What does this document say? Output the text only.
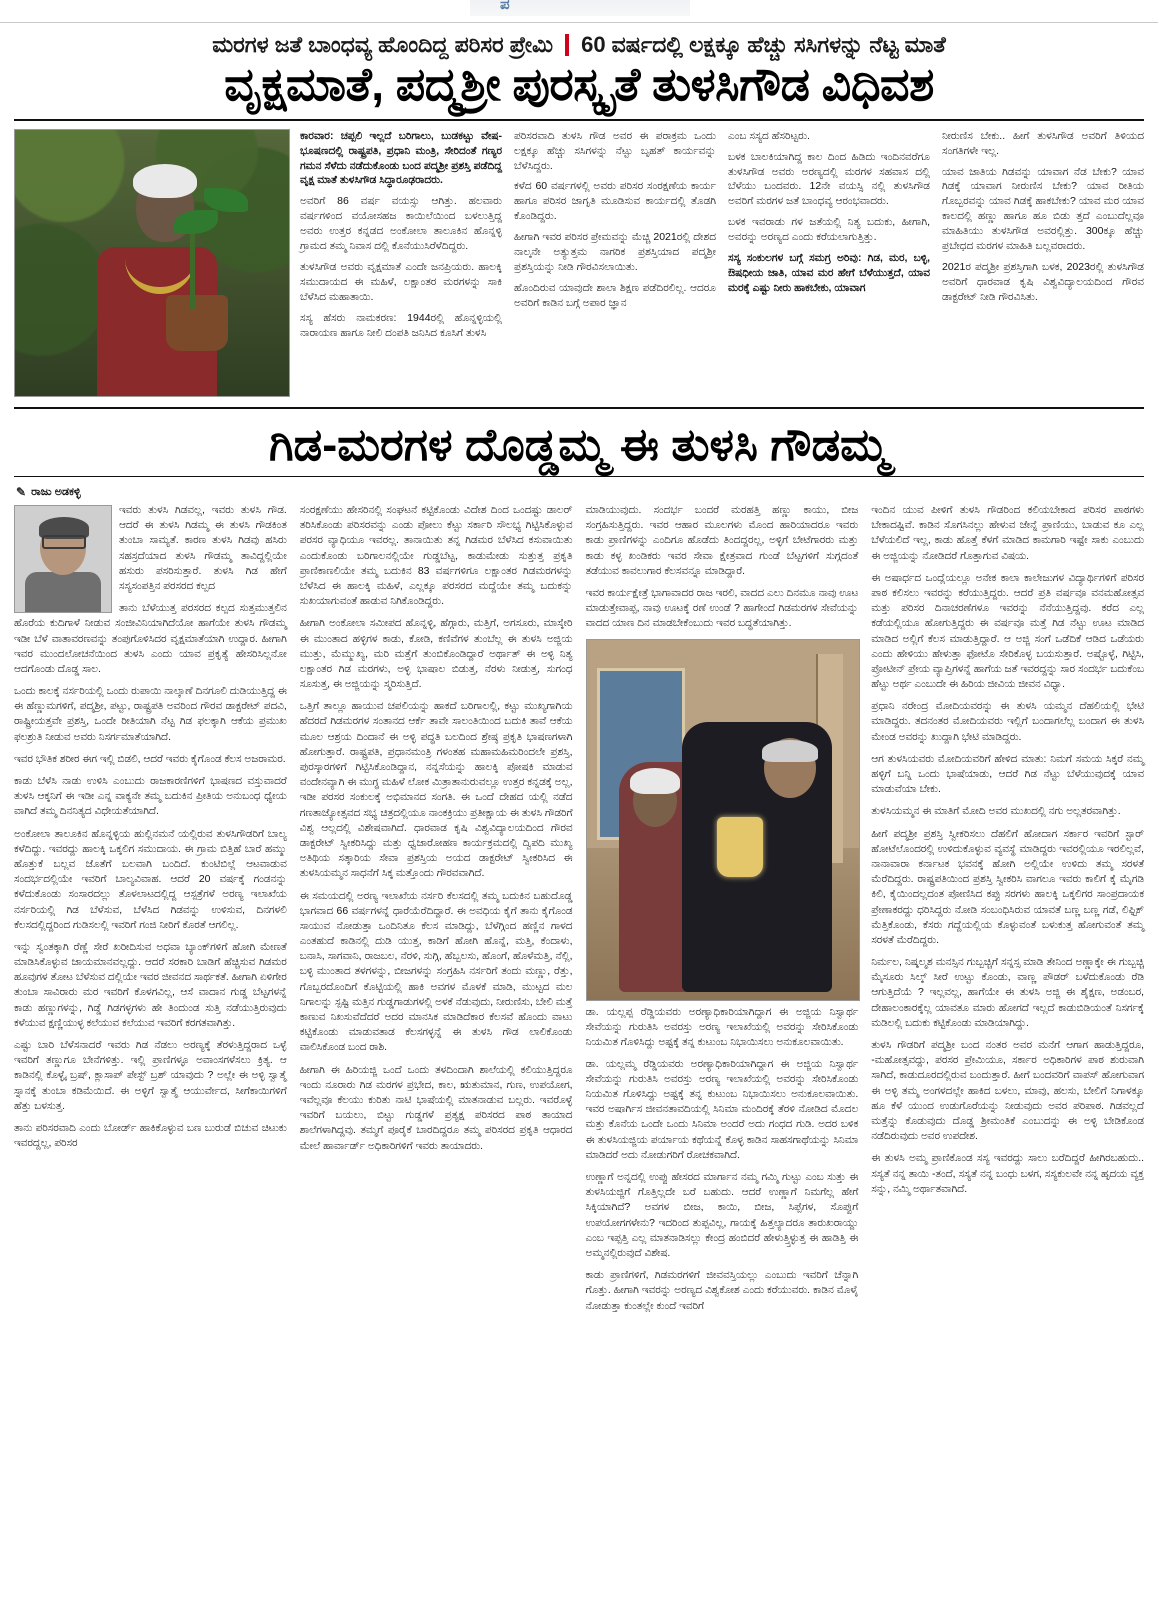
ಪ
ಮರಗಳ ಜತೆ ಬಾಂಧವ್ಯ ಹೊಂದಿದ್ದ ಪರಿಸರ ಪ್ರೇಮಿ 60 ವರ್ಷದಲ್ಲಿ ಲಕ್ಷಕ್ಕೂ ಹೆಚ್ಚು ಸಸಿಗಳನ್ನು ನೆಟ್ಟ ಮಾತೆ
ವೃಕ್ಷಮಾತೆ, ಪದ್ಮಶ್ರೀ ಪುರಸ್ಕೃತೆ ತುಳಸಿಗೌಡ ವಿಧಿವಶ

ಕಾರವಾರ: ಚಪ್ಪಲಿ ಇಲ್ಲದೆ ಬರಿಗಾಲು, ಬುಡಕಟ್ಟು ವೇಷ-ಭೂಷಣದಲ್ಲಿ ರಾಷ್ಟ್ರಪತಿ, ಪ್ರಧಾನಿ ಮಂತ್ರಿ, ಸೇರಿದಂತೆ ಗಣ್ಯರ ಗಮನ ಸೆಳೆದು ನಡೆದುಕೊಂಡು ಬಂದ ಪದ್ಮಶ್ರೀ ಪ್ರಶಸ್ತಿ ಪಡೆದಿದ್ದ ವೃಕ್ಷ ಮಾತೆ ತುಳಸಿಗೌಡ ಸಿದ್ಧಾರೂಢರಾದರು.

ಅವರಿಗೆ 86 ವರ್ಷ ವಯಸ್ಸು ಆಗಿತ್ತು. ಹಲವಾರು ವರ್ಷಗಳಿಂದ ವಯೋಸಹಜ ಕಾಯಿಲೆಯಿಂದ ಬಳಲುತ್ತಿದ್ದ ಅವರು ಉತ್ತರ ಕನ್ನಡದ ಅಂಕೋಲಾ ತಾಲೂಕಿನ ಹೊನ್ನಳ್ಳಿ ಗ್ರಾಮದ ತಮ್ಮ ನಿವಾಸ ದಲ್ಲಿ ಕೊನೆಯುಸಿರೆಳೆದಿದ್ದರು.

ತುಳಸಿಗೌಡ ಅವರು ವೃಕ್ಷಮಾತೆ ಎಂದೇ ಜನಪ್ರಿಯರು. ಹಾಲಕ್ಕಿ ಸಮುದಾಯದ ಈ ಮಹಿಳೆ, ಲಕ್ಷಾಂತರ ಮರಗಳನ್ನು ಸಾಕಿ ಬೆಳೆಸಿದ ಮಹಾತಾಯಿ.

ಸಸ್ಯ ಹೆಸರು ನಾಮಕರಣ: 1944ರಲ್ಲಿ ಹೊನ್ನಳ್ಳಿಯಲ್ಲಿ ನಾರಾಯಣ ಹಾಗೂ ನೀಲಿ ದಂಪತಿ ಜನಿಸಿದ ಕೂಸಿಗೆ ತುಳಸಿ

ಪರಿಸರವಾದಿ ತುಳಸಿ ಗೌಡ ಅವರ ಈ ಪರಾಕ್ರಮ ಒಂದು ಲಕ್ಷಕ್ಕೂ ಹೆಚ್ಚು ಸಸಿಗಳನ್ನು ನೆಟ್ಟು ಬೃಹತ್ ಕಾರ್ಯವನ್ನು ಬೆಳೆಸಿದ್ದರು.

ಕಳೆದ 60 ವರ್ಷಗಳಲ್ಲಿ ಅವರು ಪರಿಸರ ಸಂರಕ್ಷಣೆಯ ಕಾರ್ಯ ಹಾಗೂ ಪರಿಸರ ಜಾಗೃತಿ ಮೂಡಿಸುವ ಕಾರ್ಯದಲ್ಲಿ ತೊಡಗಿ ಕೊಂಡಿದ್ದರು.

ಹೀಗಾಗಿ ಇವರ ಪರಿಸರ ಪ್ರೇಮವನ್ನು ಮೆಚ್ಚಿ 2021ರಲ್ಲಿ ದೇಶದ ನಾಲ್ಕನೇ ಅತ್ಯುತ್ತಮ ನಾಗರಿಕ ಪ್ರಶಸ್ತಿಯಾದ ಪದ್ಮಶ್ರೀ ಪ್ರಶಸ್ತಿಯನ್ನು ನೀಡಿ ಗೌರವಿಸಲಾಯಿತು.

ಹೊಂದಿರುವ ಯಾವುದೇ ಶಾಲಾ ಶಿಕ್ಷಣ ಪಡೆದಿರಲಿಲ್ಲ. ಆದರೂ ಅವರಿಗೆ ಕಾಡಿನ ಬಗ್ಗೆ ಅಪಾರ ಜ್ಞಾನ

ಎಂಬ ಸಸ್ಯದ ಹೆಸರಿಟ್ಟರು.

ಬಳಕ ಬಾಲಕಿಯಾಗಿದ್ದ ಕಾಲ ದಿಂದ ಹಿಡಿದು ಇಂದಿನವರೆಗೂ ತುಳಸಿಗೌಡ ಅವರು ಅರಣ್ಯದಲ್ಲಿ ಮರಗಳ ಸಹವಾಸ ದಲ್ಲಿ ಬೆಳೆಯು ಬಂದವರು. 12ನೇ ವಯಸ್ಸಿ ನಲ್ಲಿ ತುಳಸಿಗೌಡ ಅವರಿಗೆ ಮರಗಳ ಜತೆ ಬಾಂಧವ್ಯ ಆರಂಭವಾದರು.

ಬಳಕ ಇವರಾಡು ಗಳ ಜತೆಯಲ್ಲಿ ನಿತ್ಯ ಬದುಕು, ಹೀಗಾಗಿ, ಅವರನ್ನು ಅರಣ್ಯದ ಎಂದು ಕರೆಯಲಾಗುತ್ತಿತ್ತು.

ಸಸ್ಯ ಸಂಕುಲಗಳ ಬಗ್ಗೆ ಸಮಗ್ರ ಅರಿವು: ಗಿಡ, ಮರ, ಬಳ್ಳಿ, ಔಷಧೀಯ ಜಾತಿ, ಯಾವ ಮರ ಹೇಗೆ ಬೆಳೆಯುತ್ತದೆ, ಯಾವ ಮರಕ್ಕೆ ಎಷ್ಟು ನೀರು ಹಾಕಬೇಕು, ಯಾವಾಗ

ನೀರುಣಿಸ ಬೇಕು.. ಹೀಗೆ ತುಳಸಿಗೌಡ ಅವರಿಗೆ ತಿಳಿಯದ ಸಂಗತಿಗಳೇ ಇಲ್ಲ.

ಯಾವ ಜಾತಿಯ ಗಿಡವನ್ನು ಯಾವಾಗ ನೆಡ ಬೇಕು? ಯಾವ ಗಿಡಕ್ಕೆ ಯಾವಾಗ ನೀರುಣಿಸ ಬೇಕು? ಯಾವ ರೀತಿಯ ಗೊಬ್ಬರವನ್ನು ಯಾವ ಗಿಡಕ್ಕೆ ಹಾಕಬೇಕು? ಯಾವ ಮರ ಯಾವ ಕಾಲದಲ್ಲಿ ಹಣ್ಣು ಹಾಗೂ ಹೂ ಬಿಡು ತ್ತದೆ ಎಂಬುದೆಲ್ಲವೂ ಮಾಹಿತಿಯು ತುಳಸಿಗೌಡ ಅವರಲ್ಲಿತ್ತು. 300ಕ್ಕೂ ಹೆಚ್ಚು ಪ್ರಬೇಧದ ಮರಗಳ ಮಾಹಿತಿ ಬಲ್ಲವರಾದರು.

2021ರ ಪದ್ಮಶ್ರೀ ಪ್ರಶಸ್ತಿಗಾಗಿ ಬಳಕ, 2023ರಲ್ಲಿ ತುಳಸಿಗೌಡ ಅವರಿಗೆ ಧಾರವಾಡ ಕೃಷಿ ವಿಶ್ವವಿದ್ಯಾಲಯದಿಂದ ಗೌರವ ಡಾಕ್ಟರೇಟ್ ನೀಡಿ ಗೌರವಿಸಿತು.

ಗಿಡ-ಮರಗಳ ದೊಡ್ಡಮ್ಮ ಈ ತುಳಸಿ ಗೌಡಮ್ಮ
✎ ರಾಜು ಅಡಕಳ್ಳಿ

ಇವರು ತುಳಸಿ ಗಿಡವಲ್ಲ, ಇವರು ತುಳಸಿ ಗೌಡ. ಆದರೆ ಈ ತುಳಸಿ ಗಿಡಮ್ಮ ಈ ತುಳಸಿ ಗೌಡಕಿಂತ ತುಂಬಾ ಸಾಮ್ಯತೆ. ಕಾರಣ ತುಳಸಿ ಗಿಡವು ಹಸಿರು ಸಹಸ್ರದೆಯಾದ ತುಳಸಿ ಗೌಡಮ್ಮ ತಾವಿದ್ದಲ್ಲಿಯೇ ಹಸುರು ಪಸರಿಸುತ್ತಾರೆ. ತುಳಸಿ ಗಿಡ ಹೇಗೆ ಸಸ್ಯಸಂಪತ್ತಿನ ಪರಸರದ ಕಲ್ಪದ

ತಾನು ಬೆಳೆಯುತ್ತ ಪರಸರದ ಕಲ್ಪದ ಸುತ್ತಮುತ್ತಲಿನ ಹೊರೆಯ ಕುದಿಗಾಳೆ ನೀಡುವ ಸಂಜೀವಿನಿಯಾಗಿದೆಯೋ ಹಾಗೆಯೇ ತುಳಸಿ ಗೌಡಮ್ಮ ಇಡೀ ಬೆಳೆ ವಾತಾವರಣವನ್ನು ತಂಪುಗೊಳಿಸಿದರ ವೃಕ್ಷಮಾತೆಯಾಗಿ ಉದ್ದಾರ. ಹೀಗಾಗಿ ಇವರ ಮುಂದಲೋಚನೆಯಿಂದ ತುಳಸಿ ಎಂದು ಯಾವ ಪ್ರಕೃತ್ಯೆ ಹೇಸರಿಸಿಲ್ಲನೋ ಆದಗೊಂಡು ದೊಡ್ಡ ಸಾಲ.

ಒಂದು ಕಾಲಕ್ಕೆ ನರ್ಸರಿಯಲ್ಲಿ ಒಂದು ರುಪಾಯಿ ನಾಲ್ಕಾಣೆ ದಿನಗೂಲಿ ದುಡಿಯುತ್ತಿದ್ದ ಈ ಈ ಹೆಣ್ಣುಮಗಳಿಗೆ, ಪದ್ಮಶ್ರೀ, ಪಟ್ಟು, ರಾಷ್ಟ್ರಪತಿ ಅವರಿಂದ ಗೌರವ ಡಾಕ್ಟರೇಟ್ ಪದವಿ, ರಾಷ್ಟ್ರೀಯತ್ತವೇ ಪ್ರಶಸ್ತಿ, ಒಂದೇ ರೀತಿಯಾಗಿ ನೆಟ್ಟ ಗಿಡ ಫಲಕ್ಕಾಗಿ ಆಕೆಯ ಪ್ರಮುಖ ಫಲಶ್ರುತಿ ನೀಡುವ ಅವರು ನಿಸರ್ಗಮಾತೆಯಾಗಿದೆ.

ಇವರ ಭೌತಿಕ ಶರೀರ ಈಗ ಇಲ್ಲಿ ಬಿಡಲಿ, ಆದರೆ ಇವರು ಕೈಗೊಂಡ ಕೆಲಸ ಅಜರಾಮರ.

ಕಾಡು ಬೆಳೆಸಿ ನಾಡು ಉಳಿಸಿ ಎಂಬುದು ರಾಜಕಾರಣಿಗಳಿಗೆ ಭಾಷಣದ ವಸ್ತುವಾದರೆ ತುಳಸಿ ಆಕ್ಕನಿಗೆ ಈ ಇಡೀ ಎನ್ನ ವಾಕ್ಯನೇ ತಮ್ಮ ಬದುಕಿನ ಪ್ರೀತಿಯ ಅನುಬಂಧ ಧ್ಯೇಯ ವಾಗಿದೆ ತಮ್ಮ ದಿನನಿತ್ಯದ ವಿಧೇಯತೆಯಾಗಿದೆ.

ಅಂಕೋಲಾ ತಾಲೂಕಿನ ಹೊನ್ನಳ್ಳಿಯ ಹುಲ್ಲಿನಮನೆ ಯಲ್ಲಿರುವ ತುಳಸಿಗೌಡರಿಗೆ ಬಾಲ್ಯ ಕಳೆದಿದ್ದು. ಇವರದ್ದು ಹಾಲಕ್ಕಿ ಒಕ್ಕಲಿಗ ಸಮುದಾಯ. ಈ ಗ್ರಾಮ ಬಿತ್ತಿಹೆ ಬಾರೆ ಹಮ್ಮು ಹೊತ್ತುಕೆ ಬಲ್ಲವ ಜೊತೆಗೆ ಬಲವಾಗಿ ಬಂದಿದೆ. ಕುಂಟಿಬಿಲ್ಲೆ ಆಟವಾಡುವ ಸಂದರ್ಭದಲ್ಲಿಯೇ ಇವರಿಗೆ ಬಾಲ್ಯವಿವಾಹ. ಆದರೆ 20 ವರ್ಷಕ್ಕೆ ಗಂಡನನ್ನು ಕಳೆದುಕೊಂಡು ಸಂಸಾರದಲ್ಲು ತೊಳಲಾಟದಲ್ಲಿದ್ದ ಆಸ್ಪತ್ರೆಗಳೆ ಅರಣ್ಯ ಇಲಾಖೆಯ ನರ್ಸರಿಯಲ್ಲಿ ಗಿಡ ಬೆಳೆಸುವ, ಬೆಳೆಸಿದ ಗಿಡವನ್ನು ಉಳಿಸುವ, ದಿನಗಳಲಿ ಕೆಲಸದಲ್ಲಿದ್ದರಿಂದ ಗುಡಿಸಲಲ್ಲಿ ಇವರಿಗೆ ಗಂಜಿ ನೀರಿಗೆ ಕೊರತೆ ಆಗಲಿಲ್ಲ.

ಇನ್ನು ಸ್ವಂತಕ್ಕಾಗಿ ರೆಣ್ಣೆ ಸೇರೆ ಖರೀದಿಸುವ ಅಧವಾ ಬ್ಯಾಂಕ್‌ಗಳಿಗೆ ಹೋಗಿ ಮೇಣತೆ ಮಾಡಿಸಿಕೊಳ್ಳುವ ಜಾಯಮಾನವಲ್ಲದ್ದು. ಆದರೆ ಸರಕಾರಿ ಬಾಡಿಗೆ ಹೆಚ್ಚಿಸುವ ಗಿಡಮರ ಹೂವುಗಳ ತೋಟ ಬೆಳೆಸುವ ದಲ್ಲಿಯೇ ಇವರ ಜೀವನದ ಸಾರ್ಥಕತೆ. ಹೀಗಾಗಿ ಏಳಿಗೇರ ತುಂಬಾ ಸಾವಿರಾರು ಮರ ಇವರಿಗೆ ಕೊಳಗವಿಲ್ಲ, ಆಸೆ ವಾದಾನ ಗುಡ್ಡ ಬೆಟ್ಟಗಳನ್ನೆ ಕಾಡು ಹಣ್ಣುಗಳನ್ನು, ಗಿಡ್ಡೆ ಗಿಡಗಳ್ಳಗಳು ಹೇ ತಿಂದುಂಡ ಸುತ್ತಿ ನಡೆಯುತ್ತಿರುವುದು ಕಳೆಯುವ ಕ್ಷಣ್ಣಿಯುಳ್ಳ ಕಲೆಯುವ ಕಲೆಯುವ ಇವರಿಗೆ ಕರಗತವಾಗಿತ್ತು.

ಎಷ್ಟು ಬಾರಿ ಬೆಳೆಸನಾದರೆ ಇವರು ಗಿಡ ನೆಡಲು ಅರಣ್ಯಕ್ಕೆ ತೆರಳುತ್ತಿದ್ದರಾದ ಒಳ್ಳೆ ಇವರಿಗೆ ತಣ್ಣುಗೂ ಬೇನೆಗಳಿತ್ತು. ಇಲ್ಲಿ ಪ್ರಾಣಿಗಳ್ಳೂ ಅವಾಂಸಗಳೆಸಲು ಕ್ರಿತ್ಯ. ಆ ಕಾಡಿನಲ್ಲಿ ಕೊಳ್ಳೈ ಬ್ರಷ್, ಕ್ಲಾಸಾಪ್ ಪೇಸ್ಟ್ ಬ್ರಶ್ ಯಾವುದು ? ಅಲ್ಲೇ ಈ ಅಳ್ಳಿ ಸ್ವಾತ್ಮೆ ಸ್ನಾನಕ್ಕೆ ತುಂಬಾ ಕಡಿಮೆಯಿದೆ. ಈ ಅಳ್ಳಿಗೆ ಸ್ವಾತ್ಮೆ ಆಯುರ್ವೇದ, ಸೀಗೆಕಾಯಿಗಳಿಗೆ ಹೆತ್ತು ಬಳಸುತ್ತ.

ತಾನು ಪರಿಸರವಾದಿ ಎಂದು ಬೋರ್ಡ್ ಹಾಕಿಕೊಳ್ಳುವ ಬಣ ಬುರುಡೆ ಬಿಚುವ ಚಿಟುಕು ಇವರದ್ದಲ್ಲ, ಪರಿಸರ

ಸಂರಕ್ಷಣೆಯು ಹೇಸರಿನಲ್ಲಿ ಸಂಘಟನೆ ಕಟ್ಟಿಕೊಂಡು ವಿದೇಶ ದಿಂದ ಒಂದಷ್ಟು ಡಾಲರ್ ತರಿಸಿಕೊಂಡು ಪರಿಸರವನ್ನು ಎಂಡು ಪೋಲು ಕೆಟ್ಟು ಸರ್ಕಾರಿ ಸೌಲಭ್ಯ ಗಿಟ್ಟಿಸಿಕೊಳ್ಳುವ ಪರಸರ ವ್ಯಾಧಿಯೂ ಇವರಲ್ಲ. ತಾನಾಯಿತು ತನ್ನ ಗಿಡಮರ ಬೆಳೆಸಿದ ಕಸುವಾಯಿತು ಎಂದುಕೊಂಡು ಬರಿಗಾಲನಲ್ಲಿಯೇ ಗುಡ್ಡಬೆಟ್ಟ, ಕಾಡುಮೇಡು ಸುತ್ತುತ್ತ ಪ್ರಕೃತಿ ಪ್ರಾಣಿಕಾಣಲಿಯೇ ತಮ್ಮ ಬದುಕಿನ 83 ವರ್ಷಗಳಿಗೂ ಲಕ್ಷಾಂತರ ಗಿಡಮರಗಳನ್ನು ಬೆಳೆಸಿದ ಈ ಹಾಲಕ್ಕಿ ಮಹಿಳೆ, ಎಲ್ಲಕ್ಕೂ ಪರಸರದ ಮದ್ದೆಯೇ ತಮ್ಮ ಬದುಕನ್ನು ಸುಖಯಾಗುವಂತೆ ಹಾಡುವ ನಿಗಿಕೊಂಡಿದ್ದರು.

ಹೀಗಾಗಿ ಅಂಕೋಲಾ ಸಮೀಪದ ಹೊನ್ನಳ್ಳಿ, ಹೆಗ್ಗಾರು, ಮತ್ತಿಗೆ, ಅಗಸೂರು, ಮಾಸ್ಕೇರಿ ಈ ಮುಂತಾದ ಹಳ್ಳಿಗಳ ಕಾಡು, ಕೋಡಿ, ಕಣಿವೆಗಳ ತುಂಬೆಲ್ಲ ಈ ತುಳಸಿ ಅಜ್ಜಿಯ ಮುತ್ತು, ಮೆಮ್ಮುಖ್ಯ, ಮರಿ ಮತ್ತೆಗೆ ತುಂಬಿಕೊಂಡಿದ್ದಾರೆ ಅರ್ಥಾತ್ ಈ ಅಳ್ಳಿ ನಿತ್ಯ ಲಕ್ಷಾಂತರ ಗಿಡ ಮರಗಳು, ಅಳ್ಳಿ ಭಾಷಾಲ ಬಿಡುತ್ತ, ನೆರಳು ನೀಡುತ್ತ, ಸುಗಂಧ ಸೂಸುತ್ತ, ಈ ಅಜ್ಜಿಯನ್ನು ಸ್ಮರಿಸುತ್ತಿದೆ.

ಒತ್ತಿಗೆ ತಾಲ್ಲೂ ಹಾಯುವ ಚಪಲಿಯನ್ನು ಹಾಕದೆ ಬರಿಗಾಲಲ್ಲಿ, ಕಟ್ಟು ಮುಖ್ಯಗಾಗಿಯ ಹೆದರದೆ ಗಿಡಮರಗಳ ಸಂತಾನದ ಆರ್ಕೆ ತಾವೇ ಸಾಲಂತಿಯಿಂದ ಬದುಕಿ ತಾವೆ ಆಕೆಯ ಮೂಲ ಆಶ್ರಯ ದಿಂದಾನೆ ಈ ಅಳ್ಳಿ ಪದ್ಧತಿ ಬಲದಿಂದ ಶ್ರೇಷ್ಠ ಪ್ರಕೃತಿ ಭಾಷಣಗಳಾಗಿ ಹೋಗುತ್ತಾರೆ. ರಾಷ್ಟ್ರಪತಿ, ಪ್ರಧಾನಮಂತ್ರಿ ಗಳಂತಹ ಮಹಾಮಹಿಮರಿಂದಲೇ ಪ್ರಶಸ್ತಿ, ಪುರಸ್ಕಾರಗಳಿಗೆ ಗಿಟ್ಟಿಸಿಕೊಂಡಿದ್ದಾನ, ನನ್ನಸೆಯನ್ನು ಹಾಲಕ್ಕಿ ಪೋಷಕಿ ಮಾಡುವ ವಂದೇನವ್ಯಾಗಿ ಈ ಮುಗ್ಧ ಮಹಿಳೆ ಲೋಕ ಮಿತ್ರಾತಾನುರುವಲ್ಲೂ ಉತ್ತರ ಕನ್ನಡಕ್ಕೆ ಅಲ್ಲ, ಇಡೀ ಪರಸರ ಸಂಕುಲಕ್ಕೆ ಅಭಿಮಾನದ ಸಂಗತಿ. ಈ ಒಂದೆ ದೇಹದ ಯಲ್ಲಿ ನಡೆದ ಗಣತಾಜ್ಯೋತ್ಸವದ ಸಭ್ಯ ಚಿತ್ರದಲ್ಲಿಯೂ ನಾಂಕಕ್ರಿಯು ಪ್ರತೀಕ್ಷಾಯ ಈ ತುಳಸಿ ಗೌಡರಿಗೆ ವಿಶ್ವ ಆಲ್ಲದಲ್ಲಿ ವಿಶೇಷವಾಗಿದೆ. ಧಾರವಾಡ ಕೃಷಿ ವಿಶ್ವವಿದ್ಯಾಲಯದಿಂದ ಗೌರವ ಡಾಕ್ಟರೇಟ್ ಸ್ವೀಕರಿಸಿದ್ದು ಮತ್ತು ಧ್ವಜಾರೋಹಣ ಕಾರ್ಯಕ್ರಮದಲ್ಲಿ ದ್ವಿಪದಿ ಮುಖ್ಯ ಅತಿಥಿಯ ಸತ್ಕಾರಿಯ ಸೇವಾ ಪ್ರಶಸ್ತಿಯ ಅಯದ ಡಾಕ್ಟರೇಟ್ ಸ್ವೀಕರಿಸಿದ ಈ ತುಳಸಿಯಮ್ಮನ ಸಾಧನೆಗೆ ಸಿಕ್ಕ ಮತ್ತೊಂದು ಗೌರವವಾಗಿದೆ.

ಈ ಸಮಯದಲ್ಲಿ ಅರಣ್ಯ ಇಲಾಖೆಯ ನರ್ಸರಿ ಕೆಲಸದಲ್ಲಿ ತಮ್ಮ ಬದುಕಿನ ಬಹುದೊಡ್ಡ ಭಾಗವಾದ 66 ವರ್ಷಗಳನ್ನೆ ಧಾರೆಯೆರೆದಿದ್ದಾರೆ. ಈ ಅವಧಿಯ ಕೈಗೆ ತಾನು ಕೈಗೊಂಡ ಸಾಯುವ ನೋಡುತ್ತಾ ಒಂದಿನಿತೂ ಕೆಲಸ ಮಾಡಿದ್ದು, ಬೆಳೆಗ್ಗಿಂದ ಹಣ್ಣಿನ ಗಾಳದ ಎಂತಹುದೆ ಕಾಡಿನಲ್ಲಿ ದುಡಿ ಯುತ್ತ, ಕಾಡಿಗೆ ಹೋಗಿ ಹೊನ್ನೆ, ಮತ್ತಿ, ಕೆಂದಾಳು, ಬನಾಸಿ, ಸಾಗವಾನಿ, ರಾಜಬಲ, ನೆರಳಿ, ಸುಗ್ಗಿ, ಹೆಬ್ಬಲಸು, ಹೊಂಗೆ, ಹೊಳೆಮತ್ತಿ, ನೆಲ್ಲಿ, ಬಳ್ಳಿ ಮುಂತಾದ ತಳಗಳನ್ನು, ಬೀಜಗಳನ್ನು ಸಂಗ್ರಹಿಸಿ ನರ್ಸರಿಗೆ ತಂದು ಮಣ್ಣು, ರೆತ್ತು, ಗೊಬ್ಬರದೊಂದಿಗೆ ಕೊಟ್ಟಿಯಲ್ಲಿ ಹಾಕಿ ಅವಗಳ ಮೊಳಕೆ ಮಾಡಿ, ಮುಟ್ಟದ ಮಲ ನಿಗಾಲನ್ನು ಸ್ಪಷ್ಟಿ ಮತ್ತಿನ ಗುಡ್ಡಗಾಡುಗಳಲ್ಲಿ ಅಳಕೆ ನೆಡುವುದು, ನೀರುಣಿಸು, ಬೇಲಿ ಮತ್ತೆ ಕಾಣುವ ನಿಖಸುವೆದೆದರೆ ಅದರ ಮಾನಸಿಕ ಮಾಡಿದೆಕಾರ ಕೆಲಸವೆ ಹೊಂದು ವಾಟು ಕಟ್ಟಿಕೊಂಡು ಮಾಡುವತಾಡ ಕೆಲಸಗಳ್ಳನ್ನೆ ಈ ತುಳಸಿ ಗೌಡ ಲಾಲಿಕೊಂಡು ವಾಲಿಸಿಕೊಂಡ ಬಂದ ರಾಶಿ.

ಹೀಗಾಗಿ ಈ ಹಿರಿಯಜ್ಜಿ ಒಂದೆ ಒಂದು ತಳದಿಂದಾಗಿ ಶಾಲೆಯಲ್ಲಿ ಕಲಿಯುತ್ತಿದ್ದರೂ ಇಂದು ನೂರಾರು ಗಿಡ ಮರಗಳ ಪ್ರಭೇದ, ಕಾಲ, ಋತುಮಾನ, ಗುಣ, ಉಪಯೋಗ, ಇವೆಲ್ಲವೂ ಕೆಲಯು ಕುರಿತು ನಾಟಿ ಭಾಷೆಯಲ್ಲಿ ಮಾತನಾಡುವ ಬಲ್ಲರು. ಇವರೊಳ್ಳೆ ಇವರಿಗೆ ಬಯಲು, ಬಿಟ್ಟು ಗುಡ್ಡಗಳೆ ಪ್ರತ್ಯಕ್ಷ ಪರಿಸರದ ಪಾಠ ತಾಯಾದ ಶಾಲೆಗಳಾಗಿದ್ದವು. ತಮ್ಮಗೆ ಪೂರೈಕೆ ಬಾರದಿದ್ದರೂ ತಮ್ಮ ಪರಿಸರದ ಪ್ರಕೃತಿ ಆಧಾರದ ಮೇಲೆ ಹಾರ್ವಾರ್ಡ್ ಅಧಿಕಾರಿಗಳಿಗೆ ಇವರು ತಾಯಾದರು.

ಮಾಡಿಯುವುದು. ಸಂದರ್ಭ ಬಂದರೆ ಮರಹತ್ತಿ ಹಣ್ಣು ಕಾಯು, ಬೀಜ ಸಂಗ್ರಹಿಸುತ್ತಿದ್ದರು. ಇವರ ಆಹಾರ ಮೂಲಗಳು ಮೊಂದ ಹಾರಿಯಾದರೂ ಇವರು ಕಾಡು ಪ್ರಾಣಿಗಳನ್ನು ಎಂದಿಗೂ ಹೊಡೆದು ತಿಂದದ್ದರಲ್ಲ, ಅಳ್ಳಿಗೆ ಬೇಟೆಗಾರರು ಮತ್ತು ಕಾಡು ಕಳ್ಳ ಖಂಡಿಕರು ಇವರ ಸೇವಾ ಕ್ಷೇತ್ರವಾದ ಗುಂಡೆ ಬೆಟ್ಟಗಳಿಗೆ ಸುಗ್ಗದಂತೆ ತಡೆಯುವ ಕಾವಲುಗಾರ ಕೆಲಸವನ್ನೂ ಮಾಡಿದ್ದಾರೆ.

ಇವರ ಕಾರ್ಯಕ್ಷೇತ್ರೆ ಭಾಗಾವಾದರ ರಾಜ ಇರಲಿ, ವಾದದ ಎಲು ದಿನಮೂ ನಾವು ಊಟ ಮಾಡುತ್ತೇವಾಪ್ಪ, ನಾವು ಊಟಕ್ಕೆ ರಣೆ ಉಂಡೆ ? ಹಾಗೇಂದೆ ಗಿಡಮರಗಳ ಸೇವೆಯನ್ನು ವಾದದ ಯಾಣ ದಿನ ಮಾಡಬೇಕೆಂಬುದು ಇವರ ಬದ್ಧತೆಯಾಗಿತ್ತು.

ಡಾ. ಯಲ್ಲಪ್ಪ ರೆಡ್ಡಿಯವರು ಅರಣ್ಯಾಧಿಕಾರಿಯಾಗಿದ್ದಾಗ ಈ ಅಜ್ಜಿಯ ನಿಸ್ವಾರ್ಥ ಸೇವೆಯನ್ನು ಗುರುತಿಸಿ ಅವರಸ್ತು ಅರಣ್ಯ ಇಲಾಖೆಯಲ್ಲಿ ಅವರನ್ನು ಸೇರಿಸಿಕೊಂಡು ನಿಯಮಿತ ಗೊಳಿಸಿದ್ದು ಅಷ್ಟಕ್ಕೆ ತನ್ನ ಕುಟುಂಬ ನಿಭಾಯಿಸಲು ಅನುಕೂಲವಾಯಿತು.

ಡಾ. ಯಲ್ಲಮ್ಮ ರೆಡ್ಡಿಯವರು ಅರಣ್ಯಾಧಿಕಾರಿಯಾಗಿದ್ದಾಗ ಈ ಅಜ್ಜಿಯ ನಿಸ್ವಾರ್ಥ ಸೇವೆಯನ್ನು ಗುರುತಿಸಿ ಅವರಸ್ತು ಅರಣ್ಯ ಇಲಾಖೆಯಲ್ಲಿ ಅವರನ್ನು ಸೇರಿಸಿಕೊಂಡು ನಿಯಮಿತ ಗೊಳಿಸಿದ್ದು ಅಷ್ಟಕ್ಕೆ ತನ್ನ ಕುಟುಂಬ ನಿಭಾಯಿಸಲು ಅನುಕೂಲವಾಯಿತು. ಇವರ ಅಷಾರ್ಗಿಸ ಜೀವನತಾವದಿಯಲ್ಲಿ ಸಿನಿಮಾ ಮಂದಿರಕ್ಕೆ ತೆರಳಿ ನೋಡಿದ ಮೊದಲ ಮತ್ತು ಕೊನೆಯ ಒಂದೇ ಒಂದು ಸಿನಿಮಾ ಅಂದರೆ ಅದು ಗಂಧದ ಗುಡಿ. ಅದರ ಬಳಿಕ ಈ ತುಳಸಿಯಜ್ಜಿಯ ಪರ್ಯಾಯ ಕಥೆಯನ್ನೆ ಕೊಳ್ಳ ಕಾಡಿನ ಸಾಹಸಗಾಥೆಯನ್ನು ಸಿನಿಮಾ ಮಾಡಿದರೆ ಅದು ನೋಡುಗರಿಗೆ ರೋಚಕವಾಗಿದೆ.

ಉಣ್ಣಾಗೆ ಅನ್ನದಲ್ಲಿ ಉಪ್ಪು ಹೇಸರದ ಮಾರ್ಗಾನ ನಮ್ಮ ಗಮ್ಮಿ ಗುಟ್ಟು ಎಂಬ ಸುತ್ತು ಈ ತುಳಸಿಯಜ್ಜಿಗೆ ಗೊತ್ತಿಲ್ಲದೇ ಬರೆ ಬಹುದು. ಆದರೆ ಉಣ್ಣಾಗೆ ನಿಮಗೆಲ್ಲ ಹೇಗೆ ಸಿಕ್ಕಿಯಾಗಿದೆ? ಅವಗಳ ಬೀಜ, ಕಾಯಿ, ಬೀಜ, ಸಿಪ್ಪೆಗಳ, ಸೊಪ್ಪುಗೆ ಉಪಯೋಗಗಳೇನು? ಇದರಿಂದ ತುಪ್ಪವಿಲ್ಲ, ಗಾಯಕ್ಕೆ ಹಿತ್ತಲ್ಯಾದರೂ ತಾರುಖರಾಯ್ದು ಎಂಬ ಇಪ್ಪತ್ತಿ ಎಲ್ಲ ಮಾತನಾಡಿಸಲ್ಲು ಕೇಂದ್ರ ಹಂಬಿದರೆ ಹೇಳುತ್ತ್ತಿಳ್ಳುತ್ತ ಈ ಹಾಡಿತ್ತಿ ಈ ಅಮ್ಮನಲ್ಲಿರುವುದೆ ವಿಶೇಷ.

ಕಾಡು ಪ್ರಾಣಿಗಳಿಗೆ, ಗಿಡಮರಗಳಿಗೆ ಜೀವವಸ್ತಿಯಲ್ಲು ಎಂಬುದು ಇವರಿಗೆ ಚೆನ್ನಾಗಿ ಗೊತ್ತು. ಹೀಗಾಗಿ ಇವರನ್ನು ಅರಣ್ಯದ ವಿಶ್ವಕೋಶ ಎಂದು ಕರೆಯುವರು. ಕಾಡಿನ ಮೊಳೈ ನೋಡುತ್ತಾ ಕುಂತಲ್ಲೇ ಕುಂದೆ ಇವರಿಗೆ

ಇಂದಿನ ಯುವ ಪೀಳಿಗೆ ತುಳಸಿ ಗೌಡರಿಂದ ಕಲಿಯಬೇಕಾದ ಪರಿಸರ ಪಾಠಗಳು ಬೇಕಾದಷ್ಟಿವೆ. ಕಾಡಿನ ಸೊಗಸಿನಲ್ಲು ಹೇಳುವ ಜೇನ್ನೆ ಪ್ರಾಣಿಯು, ಬಾಡುವ ಕೂ ಎಲ್ಲ ಬೆಳೆಯಲಿದೆ ಇಲ್ಲ, ಕಾಡು ಹೊತ್ತೆ ಕೆಳಗೆ ಮಾಡಿದ ಕಾಮಗಾರಿ ಇಷ್ಟೇ ಸಾಕು ಎಂಬುದು ಈ ಅಜ್ಜಿಯನ್ನು ನೋಡಿದರೆ ಗೊತ್ತಾಗುವ ವಿಷಯ.

ಈ ಅಷಾರ್ಧದ ಒಂದ್ಲೆಯಲ್ಲೂ ಅನೇಕ ಕಾಲಾ ಕಾಲೇಜುಗಳ ವಿದ್ಯಾರ್ಥಿಗಳಿಗೆ ಪರಿಸರ ಪಾಠ ಕಲಿಸಲು ಇವರನ್ನು ಕರೆಯುತ್ತಿದ್ದರು. ಆದರೆ ಪ್ರತಿ ವರ್ಷವೂ ವನಮಹೋತ್ಸವ ಮತ್ತು ಪರಿಸರ ದಿನಾಚರಣೆಗಳೂ ಇವರನ್ನು ನೆನೆಯುತ್ತಿದ್ದವು. ಕರೆದ ಎಲ್ಲ ಕಡೆಯಲ್ಲಿಯೂ ಹೋಗುತ್ತಿದ್ದರು ಈ ವರ್ಷವೂ ಮತ್ತೆ ಗಿಡ ನೆಟ್ಟು ಊಟ ಮಾಡಿದ ಮಾಡಿದ ಅಲ್ಲಿಗೆ ಕೆಲಸ ಮಾಡುತ್ತಿದ್ದಾರೆ. ಆ ಅಜ್ಜಿ ಸಂಗೆ ಒಡೆದಿಕೆ ಆಡಿದ ಒಡೆಯರು ಎಂದು ಹೇಳಿಯು ಹೇಳುತ್ತಾ ಫೋಟೊ ಸೇರಿಕೊಳ್ಳ ಬಯಸುತ್ತಾರೆ. ಅಷ್ಟೊಳ್ಳೆ, ಗಿಟ್ಟಿಸಿ, ಪ್ರೋಟೀನ್ ಪ್ರೇಯ ವ್ಯಾಪ್ತಿಗಳನ್ನೆ ಹಾಗೆಯ ಜತೆ ಇವರದ್ದನ್ನು ಸಾರ ಸಂದರ್ಭ ಬದುಕೆಂಬ ಹೆಟ್ಟು ಅರ್ಥ ಎಂಬುದೇ ಈ ಹಿರಿಯ ಜೀವಿಯ ಜೀವನ ವಿಧ್ಯಾ.

ಪ್ರಧಾನಿ ನರೇಂದ್ರ ಮೋದಿಯವರನ್ನು ಈ ತುಳಸಿ ಯಮ್ಮನ ದೆಹಲಿಯಲ್ಲಿ ಭೇಟಿ ಮಾಡಿದ್ದರು. ತದನಂತರ ಮೋದಿಯವರು ಇಲ್ಲಿಗೆ ಬಂದಾಗಲೆಲ್ಲ ಬಂದಾಗ ಈ ತುಳಸಿ ಮೇಂಡ ಅವರನ್ನು ಖುದ್ದಾಗಿ ಭೇಟಿ ಮಾಡಿದ್ದರು.

ಆಗ ತುಳಸಿಯವರು ಮೋದಿಯವರಿಗೆ ಹೇಳಿದ ಮಾತು: ನಿಮಗೆ ಸಮಯ ಸಿಕ್ಕರೆ ನಮ್ಮ ಹಳ್ಳಿಗೆ ಬನ್ನಿ ಒಂದು ಭಾಷೆಯಾಡು, ಆದರೆ ಗಿಡ ನೆಟ್ಟು ಬೆಳೆಯುವುದಕ್ಕೆ ಯಾವ ಮಾಡುವೆಯಾ ಬೇಕು.

ತುಳಸಿಯಮ್ಮನ ಈ ಮಾತಿಗೆ ಮೋದಿ ಅವರ ಮುಖದಲ್ಲಿ ನಗು ಅಲ್ಲತರವಾಗಿತ್ತು.

ಹೀಗೆ ಪದ್ಮಶ್ರೀ ಪ್ರಶಸ್ತಿ ಸ್ವೀಕರಿಸಲು ದೆಹಲಿಗೆ ಹೋದಾಗ ಸರ್ಕಾರ ಇವರಿಗೆ ಸ್ಟಾರ್ ಹೋಟೆಲೊಂದರಲ್ಲಿ ಉಳಿದುಕೊಳ್ಳುವ ವ್ಯವಸ್ಥೆ ಮಾಡಿದ್ದರು ಇವರಲ್ಲಿಯೂ ಇರಲಿಲ್ಲವೆ, ನಾನಾವಾರಾ ಕರ್ನಾಟಕ ಭವನಕ್ಕೆ ಹೋಗಿ ಅಲ್ಲಿಯೇ ಉಳಿದು ತಮ್ಮ ಸರಳತೆ ಮೆರೆದಿದ್ದರು. ರಾಷ್ಟ್ರಪತಿಯಿಂದ ಪ್ರಶಸ್ತಿ ಸ್ವೀಕರಿಸಿ ವಾಗಲೂ ಇವರು ಕಾಲಿಗೆ ಕ್ಕೆ ಮೈಗಡಿ ಕಿಲಿ, ಕೈಯಿಂದಲ್ಲದಂತ ಪೋಣಿಸಿದ ಕಪ್ಪು ಸರಗಳು ಹಾಲಕ್ಕಿ ಒಕ್ಕಲಿಗರ ಸಾಂಪ್ರದಾಯಕ ಪ್ರೇಣಾಕರದ್ದು ಧರಿಸಿದ್ದರು ನೋಡಿ ಸಂಬಂಧಿಸಿರುವ ಯಾವತೆ ಬಣ್ಣ ಬಣ್ಣ ಗಡೆ, ಲಿಫ್ಟಿಕ್ ಮೆತ್ತಿಕೊಂಡು, ಕೆಸರು ಗದ್ದೆಯಲ್ಲಿಯ ಕೊಳ್ಳುವಂತೆ ಬಳುಕುತ್ತ ಹೋಗುವಂತೆ ತಮ್ಮ ಸರಳತೆ ಮೆರೆದಿದ್ದರು.

ನಿರ್ಮಲ, ನಿಷ್ಕಲ್ಮಶ ಮನಸ್ಸಿನ ಗುಬ್ಬಚ್ಚಿಗೆ ಸನ್ನಸ್ಸ ಮಾಡಿ ತೇನಿಂದ ಅಣ್ಣಾಕ್ಕೇ ಈ ಗುಬ್ಬಚ್ಚಿ ಮೈಸೂರು ಸಿಲ್ಕ್ ಸೀರೆ ಉಟ್ಟು ಕೊಂಡು, ವಾಣ್ಣ ಪೌಡರ್ ಬಳೆದುಕೊಂಡು ರೆಡಿ ಆಗುತ್ತಿದೆಯೆ ? ಇಲ್ಲವಲ್ಲ, ಹಾಗೆಯೇ ಈ ತುಳಸಿ ಅಜ್ಜಿ ಈ ಶೈಕ್ಷಣ, ಅಡಂಬರ, ದೇಹಾಲಂಕಾರಕ್ಕೆಲ್ಲ ಯಾವತೂ ಮಾರು ಹೋಗದೆ ಇಲ್ಲದೆ ಕಾಡುಬಿಡಿಯಂತೆ ನಿಸರ್ಗಕ್ಕೆ ಮಡಿಲಲ್ಲಿ ಬದುಕು ಕಟ್ಟಿಕೊಂಡು ಮಾಡಿಯಾಗಿದ್ದು.

ತುಳಸಿ ಗೌಡರಿಗೆ ಪದ್ಮಶ್ರೀ ಬಂದ ನಂತರ ಅವರ ಮನೆಗೆ ಆಗಾಗ ಹಾಡುತ್ತಿದ್ದರೂ, -ಮಹೋತ್ಸವದ್ದು, ಪರಸರ ಪ್ರೇಮಿಯೂ, ಸರ್ಕಾರ ಅಧಿಕಾರಿಗಳ ಪಾಠ ಶುರುವಾಗಿ ಸಾಗಿದೆ, ಕಾಡುದೂರದಲ್ಲಿರುವ ಬಂದುತ್ತಾರೆ. ಹೀಗೆ ಬಂದವರಿಗೆ ವಾಪಸ್ ಹೋಗುವಾಗ ಈ ಅಳ್ಳಿ ತಮ್ಮ ಅಂಗಳದಲ್ಲೇ ಹಾಕಿದ ಬಳಲು, ಮಾವು, ಹಲಸು, ಬೇಲಿಗೆ ನಿಗಾಳಕ್ಕೂ ಹೂ ಕೆಳೆ ಯುಂದ ಉಡುಗೊರೆಯನ್ನು ನೀಡುವುದು ಅವರ ಪರಿಪಾಠ. ಗಿಡವಲ್ಲದೆ ಮತ್ತೆನ್ನು ಕೊಡುವುದು ದೊಡ್ಡ ಶ್ರೀಮಂತಿಕೆ ಎಂಬುದನ್ನು ಈ ಅಳ್ಳಿ ಬೇಡಿಕೊಂಡ ನಡೆದಿರುವುದು ಅವರ ಉಪದೇಶ.

ಈ ತುಳಸಿ ಅಮ್ಮ ಪ್ರಾಣಿಕೊಂಡ ಸಸ್ಯ ಇವರದ್ದು ಸಾಲು ಬರೆದಿದ್ದರೆ ಹೀಗಿರಬಹುದು.. ಸಸ್ಯತೆ ನನ್ನ ತಾಯಿ -ತಂದೆ, ಸಸ್ಯತೆ ನನ್ನ ಬಂಧು ಬಳಗ, ಸಸ್ಯಕುಲವೇ ನನ್ನ ಹೃದಯ ವ್ಯಕ್ತ ಸನ್ನು, ನಮ್ಮಿ ಅರ್ಥಾತವಾಗಿದೆ.
